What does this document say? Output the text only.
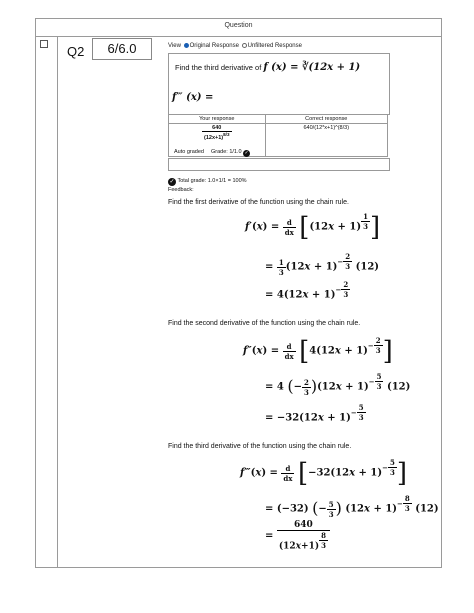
Question
Q2	6/6.0	View Original Response Unfiltered Response
Find the third derivative of f (x) = ∛(12x + 1)
f‴ (x) =
Your response	Correct response

$\frac{640}{(12x+1)^{8/3}}$	640/(12*x+1)^(8/3)
Auto graded Grade: 1/1.0 ✓
✓ Total grade: 1.0×1/1 = 100%
Feedback:
Find the first derivative of the function using the chain rule.
$f'(x) = \frac{d}{dx} [(12x + 1)$ $^{\frac{1}{3}}$ ]
= $\frac{1}{3} (12x + 1)^{- \frac{2}{3}}$ (12)
= $4(12x + 1)^{- \frac{2}{3}}$
Find the second derivative of the function using the chain rule.
$f''(x) = \frac{d}{dx} [4(12x + 1)^{- \frac{2}{3}}$ ]
= 4 (− $\frac{2}{3} )(12x + 1)^{- \frac{5}{3}}$ (12)
= $-32(12x + 1)^{- \frac{5}{3}}$
Find the third derivative of the function using the chain rule.
f‴(x) = $\frac{d}{dx} [-32(12x + 1)^{- \frac{5}{3}}$ ]
= (−32) (− $\frac{5}{3}$ ) $(12x + 1)^{- \frac{8}{3}}$ (12)
= 640
(12x+1) $^{\frac{8}{3}}$
